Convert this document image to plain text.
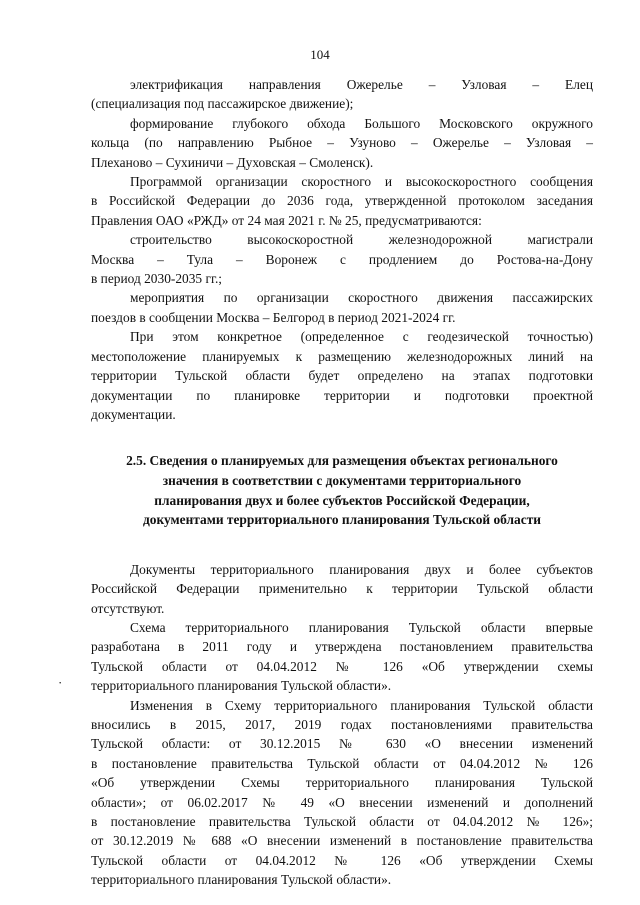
104
электрификация направления Ожерелье – Узловая – Елец
(специализация под пассажирское движение);
формирование глубокого обхода Большого Московского окружного
кольца (по направлению Рыбное – Узуново – Ожерелье – Узловая –
Плеханово – Сухиничи – Духовская – Смоленск).
Программой организации скоростного и высокоскоростного сообщения
в Российской Федерации до 2036 года, утвержденной протоколом заседания
Правления ОАО «РЖД» от 24 мая 2021 г. № 25, предусматриваются:
строительство высокоскоростной железнодорожной магистрали
Москва – Тула – Воронеж с продлением до Ростова-на-Дону
в период 2030-2035 гг.;
мероприятия по организации скоростного движения пассажирских
поездов в сообщении Москва – Белгород в период 2021-2024 гг.
При этом конкретное (определенное с геодезической точностью)
местоположение планируемых к размещению железнодорожных линий на
территории Тульской области будет определено на этапах подготовки
документации по планировке территории и подготовки проектной
документации.
2.5. Сведения о планируемых для размещения объектах регионального
значения в соответствии с документами территориального
планирования двух и более субъектов Российской Федерации,
документами территориального планирования Тульской области
Документы территориального планирования двух и более субъектов
Российской Федерации применительно к территории Тульской области
отсутствуют.
Схема территориального планирования Тульской области впервые
разработана в 2011 году и утверждена постановлением правительства
Тульской области от 04.04.2012 № 126 «Об утверждении схемы
территориального планирования Тульской области».
Изменения в Схему территориального планирования Тульской области
вносились в 2015, 2017, 2019 годах постановлениями правительства
Тульской области: от 30.12.2015 № 630 «О внесении изменений
в постановление правительства Тульской области от 04.04.2012 № 126
«Об утверждении Схемы территориального планирования Тульской
области»; от 06.02.2017 № 49 «О внесении изменений и дополнений
в постановление правительства Тульской области от 04.04.2012 № 126»;
от 30.12.2019 № 688 «О внесении изменений в постановление правительства
Тульской области от 04.04.2012 № 126 «Об утверждении Схемы
территориального планирования Тульской области».
·
